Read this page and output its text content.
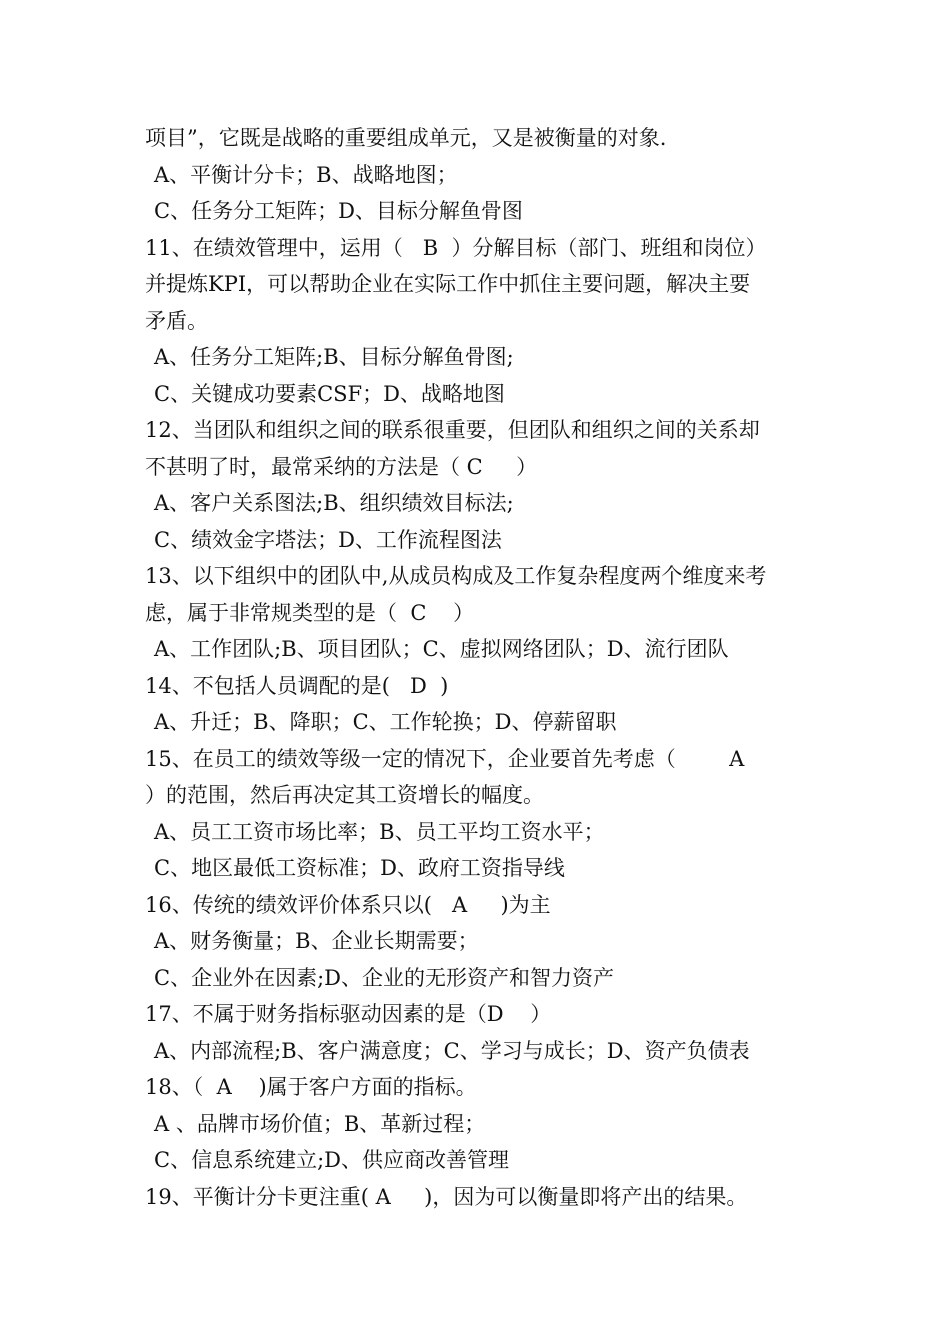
项目”，它既是战略的重要组成单元，又是被衡量的对象.
A、平衡计分卡；B、战略地图；
C、任务分工矩阵；D、目标分解鱼骨图
11、在绩效管理中，运用（   B  ）分解目标（部门、班组和岗位）
并提炼KPI，可以帮助企业在实际工作中抓住主要问题，解决主要
矛盾。
A、任务分工矩阵;B、目标分解鱼骨图;
C、关键成功要素CSF；D、战略地图
12、当团队和组织之间的联系很重要，但团队和组织之间的关系却
不甚明了时，最常采纳的方法是（ C     ）
A、客户关系图法;B、组织绩效目标法;
C、绩效金字塔法；D、工作流程图法
13、以下组织中的团队中,从成员构成及工作复杂程度两个维度来考
虑，属于非常规类型的是（  C    ）
A、工作团队;B、项目团队；C、虚拟网络团队；D、流行团队
14、不包括人员调配的是(   D  )
A、升迁；B、降职；C、工作轮换；D、停薪留职
15、在员工的绩效等级一定的情况下，企业要首先考虑（        A
）的范围，然后再决定其工资增长的幅度。
A、员工工资市场比率；B、员工平均工资水平；
C、地区最低工资标准；D、政府工资指导线
16、传统的绩效评价体系只以(   A     )为主
A、财务衡量；B、企业长期需要；
C、企业外在因素;D、企业的无形资产和智力资产
17、不属于财务指标驱动因素的是（D    ）
A、内部流程;B、客户满意度；C、学习与成长；D、资产负债表
18、（  A    )属于客户方面的指标。
A 、品牌市场价值；B、革新过程；
C、信息系统建立;D、供应商改善管理
19、平衡计分卡更注重( A     )，因为可以衡量即将产出的结果。
